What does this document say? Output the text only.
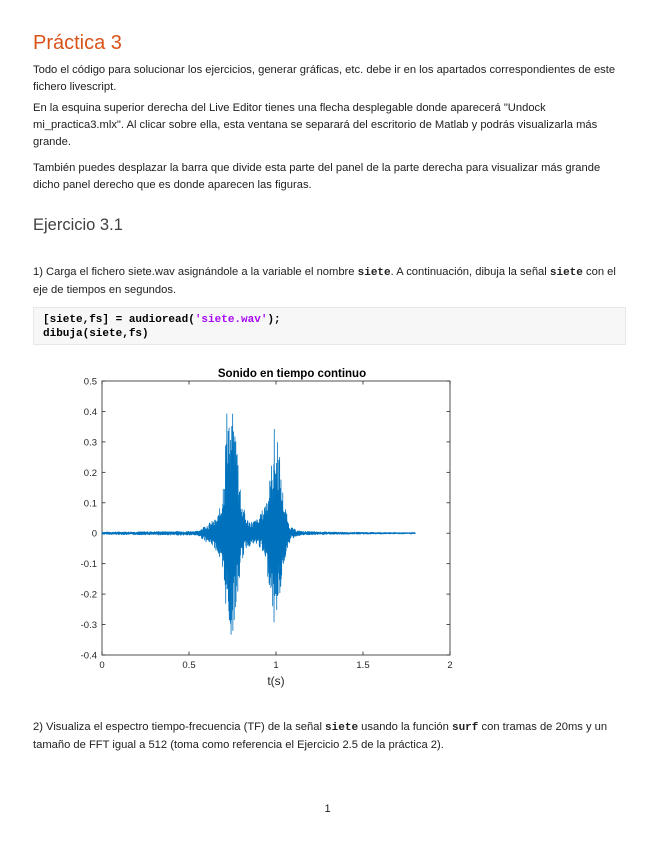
Práctica 3
Todo el código para solucionar los ejercicios, generar gráficas, etc. debe ir en los apartados correspondientes de este fichero livescript.
En la esquina superior derecha del Live Editor tienes una flecha desplegable donde aparecerá "Undock mi_practica3.mlx". Al clicar sobre ella, esta ventana se separará del escritorio de Matlab y podrás visualizarla más grande.
También puedes desplazar la barra que divide esta parte del panel de la parte derecha para visualizar más grande dicho panel derecho que es donde aparecen las figuras.
Ejercicio 3.1
1) Carga el fichero siete.wav asignándole a la variable el nombre siete. A continuación, dibuja la señal siete con el eje de tiempos en segundos.
[siete,fs] = audioread('siete.wav');
dibuja(siete,fs)
Sonido en tiempo continuo
-0.4
-0.3
-0.2
-0.1
0
0.1
0.2
0.3
0.4
0.5
0	0.5	1	1.5	2
t(s)
2) Visualiza el espectro tiempo-frecuencia (TF) de la señal siete usando la función surf con tramas de 20ms y un tamaño de FFT igual a 512 (toma como referencia el Ejercicio 2.5 de la práctica 2).
1
